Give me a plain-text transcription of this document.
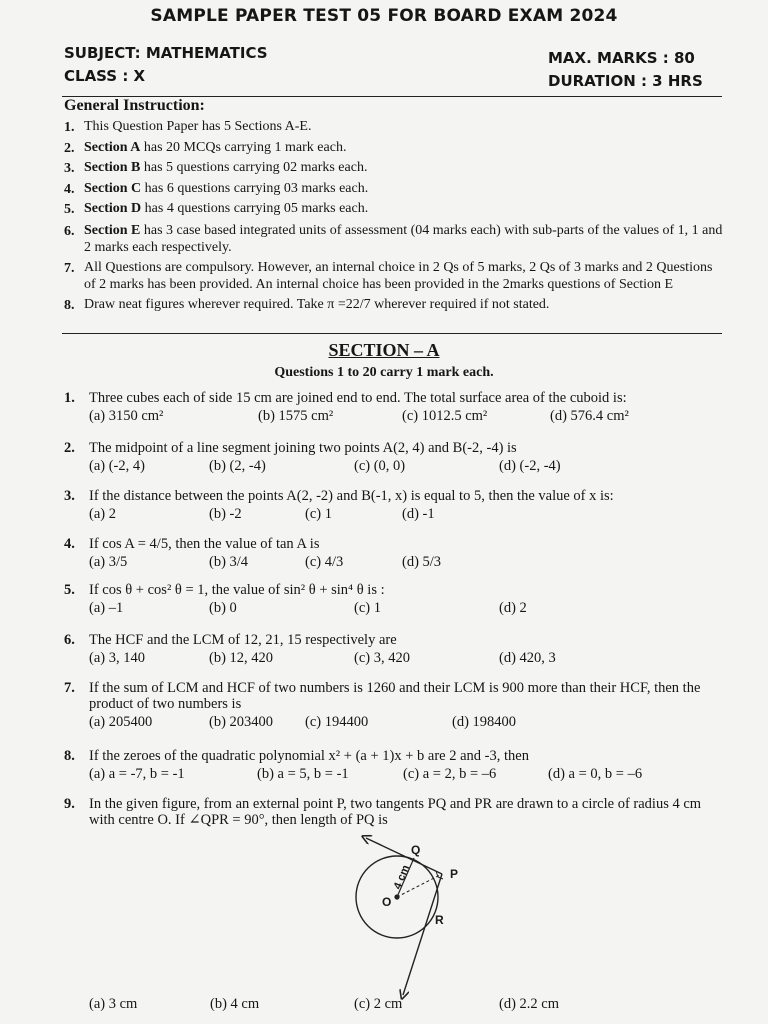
SAMPLE PAPER TEST 05 FOR BOARD EXAM 2024
SUBJECT: MATHEMATICS
CLASS : X
MAX. MARKS : 80
DURATION : 3 HRS
General Instruction:
1. This Question Paper has 5 Sections A-E.
2. Section A has 20 MCQs carrying 1 mark each.
3. Section B has 5 questions carrying 02 marks each.
4. Section C has 6 questions carrying 03 marks each.
5. Section D has 4 questions carrying 05 marks each.
6. Section E has 3 case based integrated units of assessment (04 marks each) with sub-parts of the values of 1, 1 and 2 marks each respectively.
7. All Questions are compulsory. However, an internal choice in 2 Qs of 5 marks, 2 Qs of 3 marks and 2 Questions of 2 marks has been provided. An internal choice has been provided in the 2marks questions of Section E
8. Draw neat figures wherever required. Take π =22/7 wherever required if not stated.
SECTION – A
Questions 1 to 20 carry 1 mark each.
1. Three cubes each of side 15 cm are joined end to end. The total surface area of the cuboid is:
(a) 3150 cm²	(b) 1575 cm²	(c) 1012.5 cm²	(d) 576.4 cm²
2. The midpoint of a line segment joining two points A(2, 4) and B(-2, -4) is
(a) (-2, 4)	(b) (2, -4)	(c) (0, 0)	(d) (-2, -4)
3. If the distance between the points A(2, -2) and B(-1, x) is equal to 5, then the value of x is:
(a) 2	(b) -2	(c) 1	(d) -1
4. If cos A = 4/5, then the value of tan A is
(a) 3/5	(b) 3/4	(c) 4/3	(d) 5/3
5. If cos θ + cos² θ = 1, the value of sin² θ + sin⁴ θ is :
(a) –1	(b) 0	(c) 1	(d) 2
6. The HCF and the LCM of 12, 21, 15 respectively are
(a) 3, 140	(b) 12, 420	(c) 3, 420	(d) 420, 3
7. If the sum of LCM and HCF of two numbers is 1260 and their LCM is 900 more than their HCF, then the product of two numbers is
(a) 205400	(b) 203400 (c) 194400	(d) 198400
8. If the zeroes of the quadratic polynomial x² + (a + 1)x + b are 2 and -3, then
(a) a = -7, b = -1	(b) a = 5, b = -1	(c) a = 2, b = –6	(d) a = 0, b = –6
9. In the given figure, from an external point P, two tangents PQ and PR are drawn to a circle of radius 4 cm with centre O. If ∠QPR = 90°, then length of PQ is
Q
P
R
O
4 cm
(a) 3 cm	(b) 4 cm	(c) 2 cm	(d) 2.2 cm
